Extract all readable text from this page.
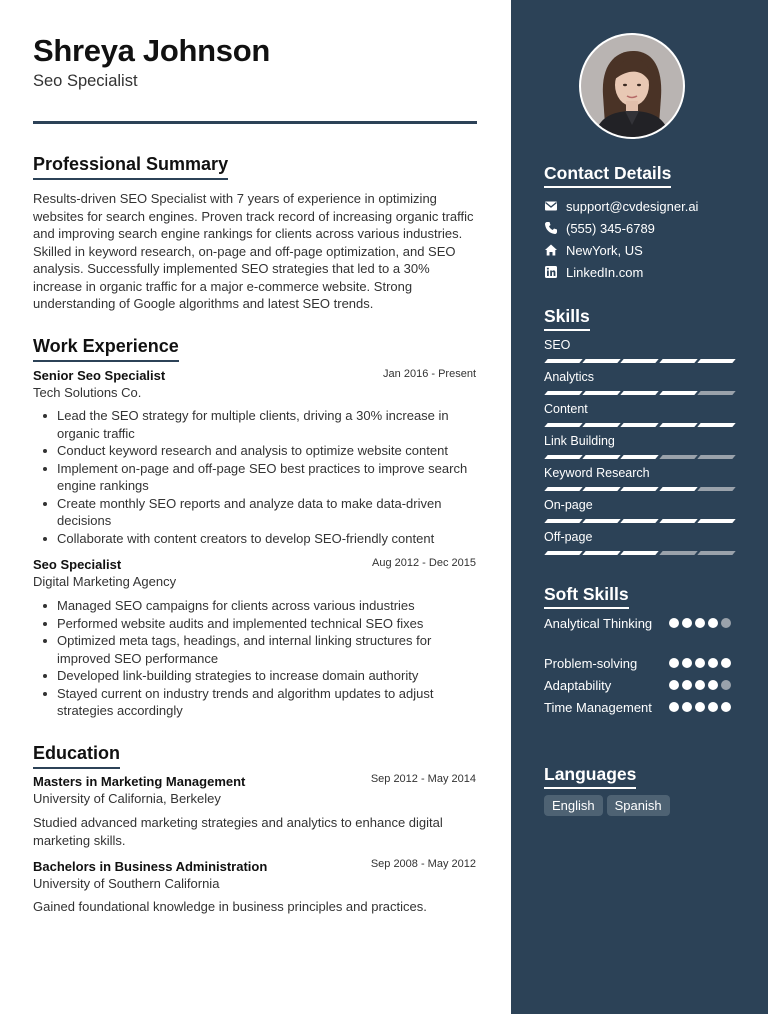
Shreya Johnson
Seo Specialist
Professional Summary

Results-driven SEO Specialist with 7 years of experience in optimizing websites for search engines. Proven track record of increasing organic traffic and improving search engine rankings for clients across various industries. Skilled in keyword research, on-page and off-page optimization, and SEO analysis. Successfully implemented SEO strategies that led to a 30% increase in organic traffic for a major e-commerce website. Strong understanding of Google algorithms and latest SEO trends.

Work Experience
Senior Seo Specialist	Jan 2016 - Present
Tech Solutions Co.
Lead the SEO strategy for multiple clients, driving a 30% increase in organic traffic
Conduct keyword research and analysis to optimize website content
Implement on-page and off-page SEO best practices to improve search engine rankings
Create monthly SEO reports and analyze data to make data-driven decisions
Collaborate with content creators to develop SEO-friendly content
Seo Specialist	Aug 2012 - Dec 2015
Digital Marketing Agency
Managed SEO campaigns for clients across various industries
Performed website audits and implemented technical SEO fixes
Optimized meta tags, headings, and internal linking structures for improved SEO performance
Developed link-building strategies to increase domain authority
Stayed current on industry trends and algorithm updates to adjust strategies accordingly
Education
Masters in Marketing Management	Sep 2012 - May 2014
University of California, Berkeley

Studied advanced marketing strategies and analytics to enhance digital marketing skills.

Bachelors in Business Administration	Sep 2008 - May 2012
University of Southern California

Gained foundational knowledge in business principles and practices.

Contact Details
support@cvdesigner.ai
(555) 345-6789
NewYork, US
LinkedIn.com
Skills
SEO
Analytics
Content
Link Building
Keyword Research
On-page
Off-page
Soft Skills
Analytical Thinking
Problem-solving
Adaptability
Time Management
Languages
English	Spanish
